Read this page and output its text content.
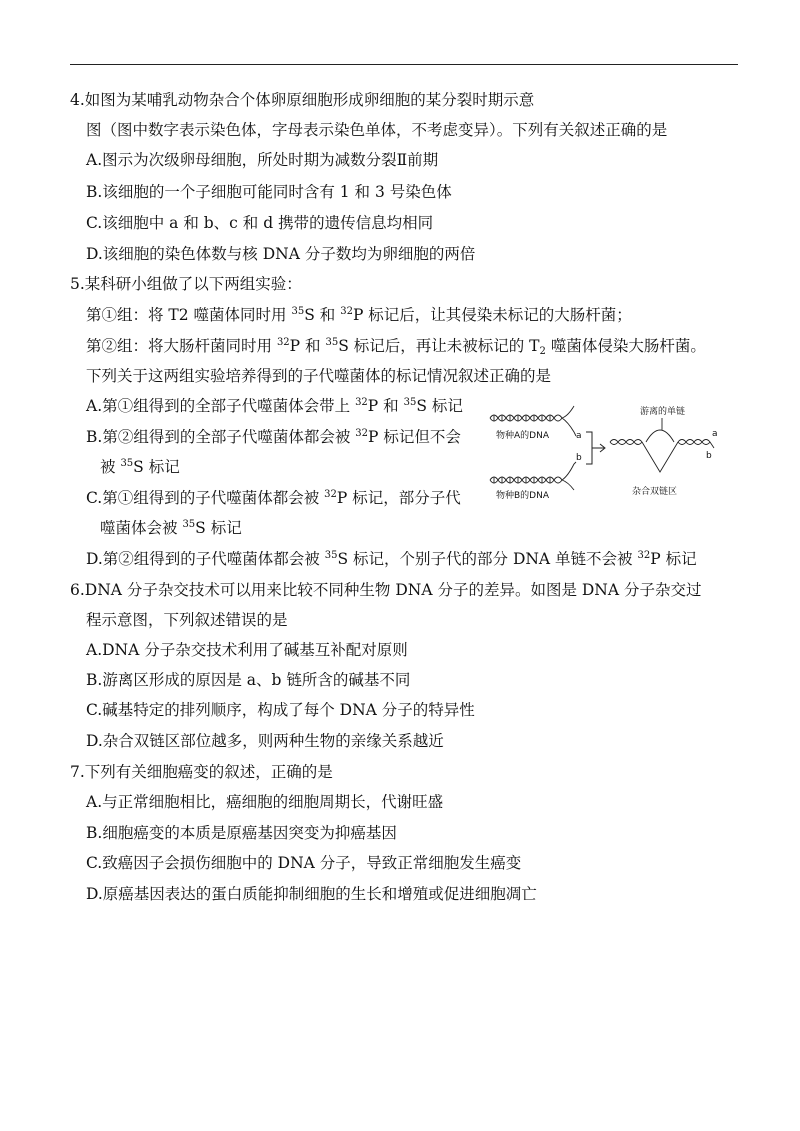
4.如图为某哺乳动物杂合个体卵原细胞形成卵细胞的某分裂时期示意
图（图中数字表示染色体，字母表示染色单体，不考虑变异）。下列有关叙述正确的是
A.图示为次级卵母细胞，所处时期为减数分裂Ⅱ前期
B.该细胞的一个子细胞可能同时含有 1 和 3 号染色体
C.该细胞中 a 和 b、c 和 d 携带的遗传信息均相同
D.该细胞的染色体数与核 DNA 分子数均为卵细胞的两倍
5.某科研小组做了以下两组实验：
第①组：将 T2 噬菌体同时用 $^{35}$S 和 $^{32}$P 标记后，让其侵染未标记的大肠杆菌；
第②组：将大肠杆菌同时用 $^{32}$P 和 $^{35}$S 标记后，再让未被标记的 $T_2$ 噬菌体侵染大肠杆菌。
下列关于这两组实验培养得到的子代噬菌体的标记情况叙述正确的是
A.第①组得到的全部子代噬菌体会带上 $^{32}$P 和 $^{35}$S 标记
B.第②组得到的全部子代噬菌体都会被 $^{32}$P 标记但不会
被 $^{35}$S 标记
C.第①组得到的子代噬菌体都会被 $^{32}$P 标记，部分子代
噬菌体会被 $^{35}$S 标记
D.第②组得到的子代噬菌体都会被 $^{35}$S 标记，个别子代的部分 DNA 单链不会被 $^{32}$P 标记
物种A的DNA	a
b
物种B的DNA
游离的单链
a
b
杂合双链区
6.DNA 分子杂交技术可以用来比较不同种生物 DNA 分子的差异。如图是 DNA 分子杂交过
程示意图，下列叙述错误的是
A.DNA 分子杂交技术利用了碱基互补配对原则
B.游离区形成的原因是 a、b 链所含的碱基不同
C.碱基特定的排列顺序，构成了每个 DNA 分子的特异性
D.杂合双链区部位越多，则两种生物的亲缘关系越近
7.下列有关细胞癌变的叙述，正确的是
A.与正常细胞相比，癌细胞的细胞周期长，代谢旺盛
B.细胞癌变的本质是原癌基因突变为抑癌基因
C.致癌因子会损伤细胞中的 DNA 分子，导致正常细胞发生癌变
D.原癌基因表达的蛋白质能抑制细胞的生长和增殖或促进细胞凋亡
